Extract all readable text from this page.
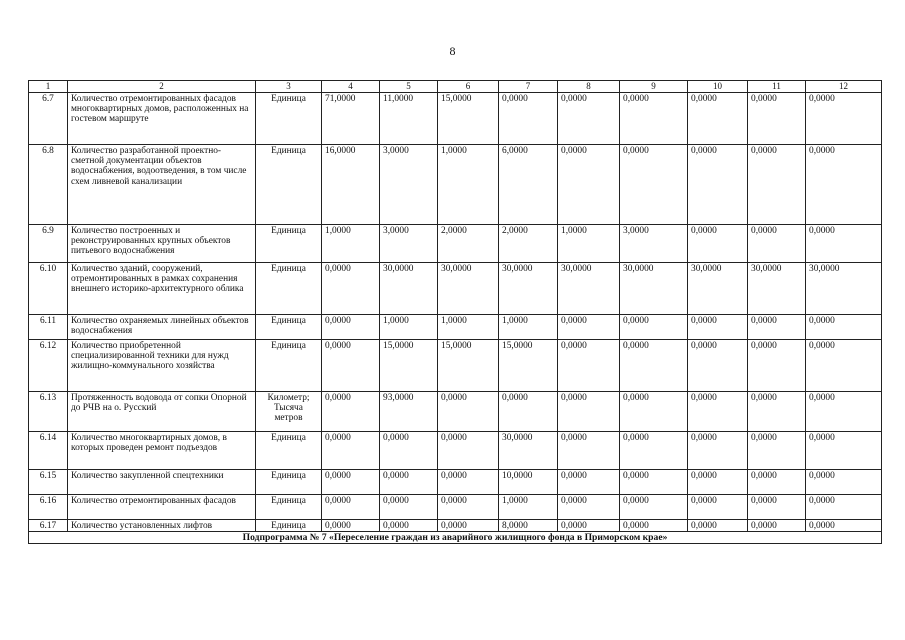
8
1	2	3	4	5	6	7	8	9	10	11	12
6.7	Количество отремонтированных фасадов многоквартирных домов, расположенных на гостевом маршруте	Единица	71,0000	11,0000	15,0000	0,0000	0,0000	0,0000	0,0000	0,0000	0,0000
6.8	Количество разработанной проектно-сметной документации объектов водоснабжения, водоотведения, в том числе схем ливневой канализации	Единица	16,0000	3,0000	1,0000	6,0000	0,0000	0,0000	0,0000	0,0000	0,0000
6.9	Количество построенных и реконструированных крупных объектов питьевого водоснабжения	Единица	1,0000	3,0000	2,0000	2,0000	1,0000	3,0000	0,0000	0,0000	0,0000
6.10	Количество зданий, сооружений, отремонтированных в рамках сохранения внешнего историко-архитектурного облика	Единица	0,0000	30,0000	30,0000	30,0000	30,0000	30,0000	30,0000	30,0000	30,0000
6.11	Количество охраняемых линейных объектов водоснабжения	Единица	0,0000	1,0000	1,0000	1,0000	0,0000	0,0000	0,0000	0,0000	0,0000
6.12	Количество приобретенной специализированной техники для нужд жилищно-коммунального хозяйства	Единица	0,0000	15,0000	15,0000	15,0000	0,0000	0,0000	0,0000	0,0000	0,0000
6.13	Протяженность водовода от сопки Опорной до РЧВ на о. Русский	Километр; Тысяча метров	0,0000	93,0000	0,0000	0,0000	0,0000	0,0000	0,0000	0,0000	0,0000
6.14	Количество многоквартирных домов, в которых проведен ремонт подъездов	Единица	0,0000	0,0000	0,0000	30,0000	0,0000	0,0000	0,0000	0,0000	0,0000
6.15	Количество закупленной спецтехники	Единица	0,0000	0,0000	0,0000	10,0000	0,0000	0,0000	0,0000	0,0000	0,0000
6.16	Количество отремонтированных фасадов	Единица	0,0000	0,0000	0,0000	1,0000	0,0000	0,0000	0,0000	0,0000	0,0000
6.17	Количество установленных лифтов	Единица	0,0000	0,0000	0,0000	8,0000	0,0000	0,0000	0,0000	0,0000	0,0000
Подпрограмма № 7 «Переселение граждан из аварийного жилищного фонда в Приморском крае»											
